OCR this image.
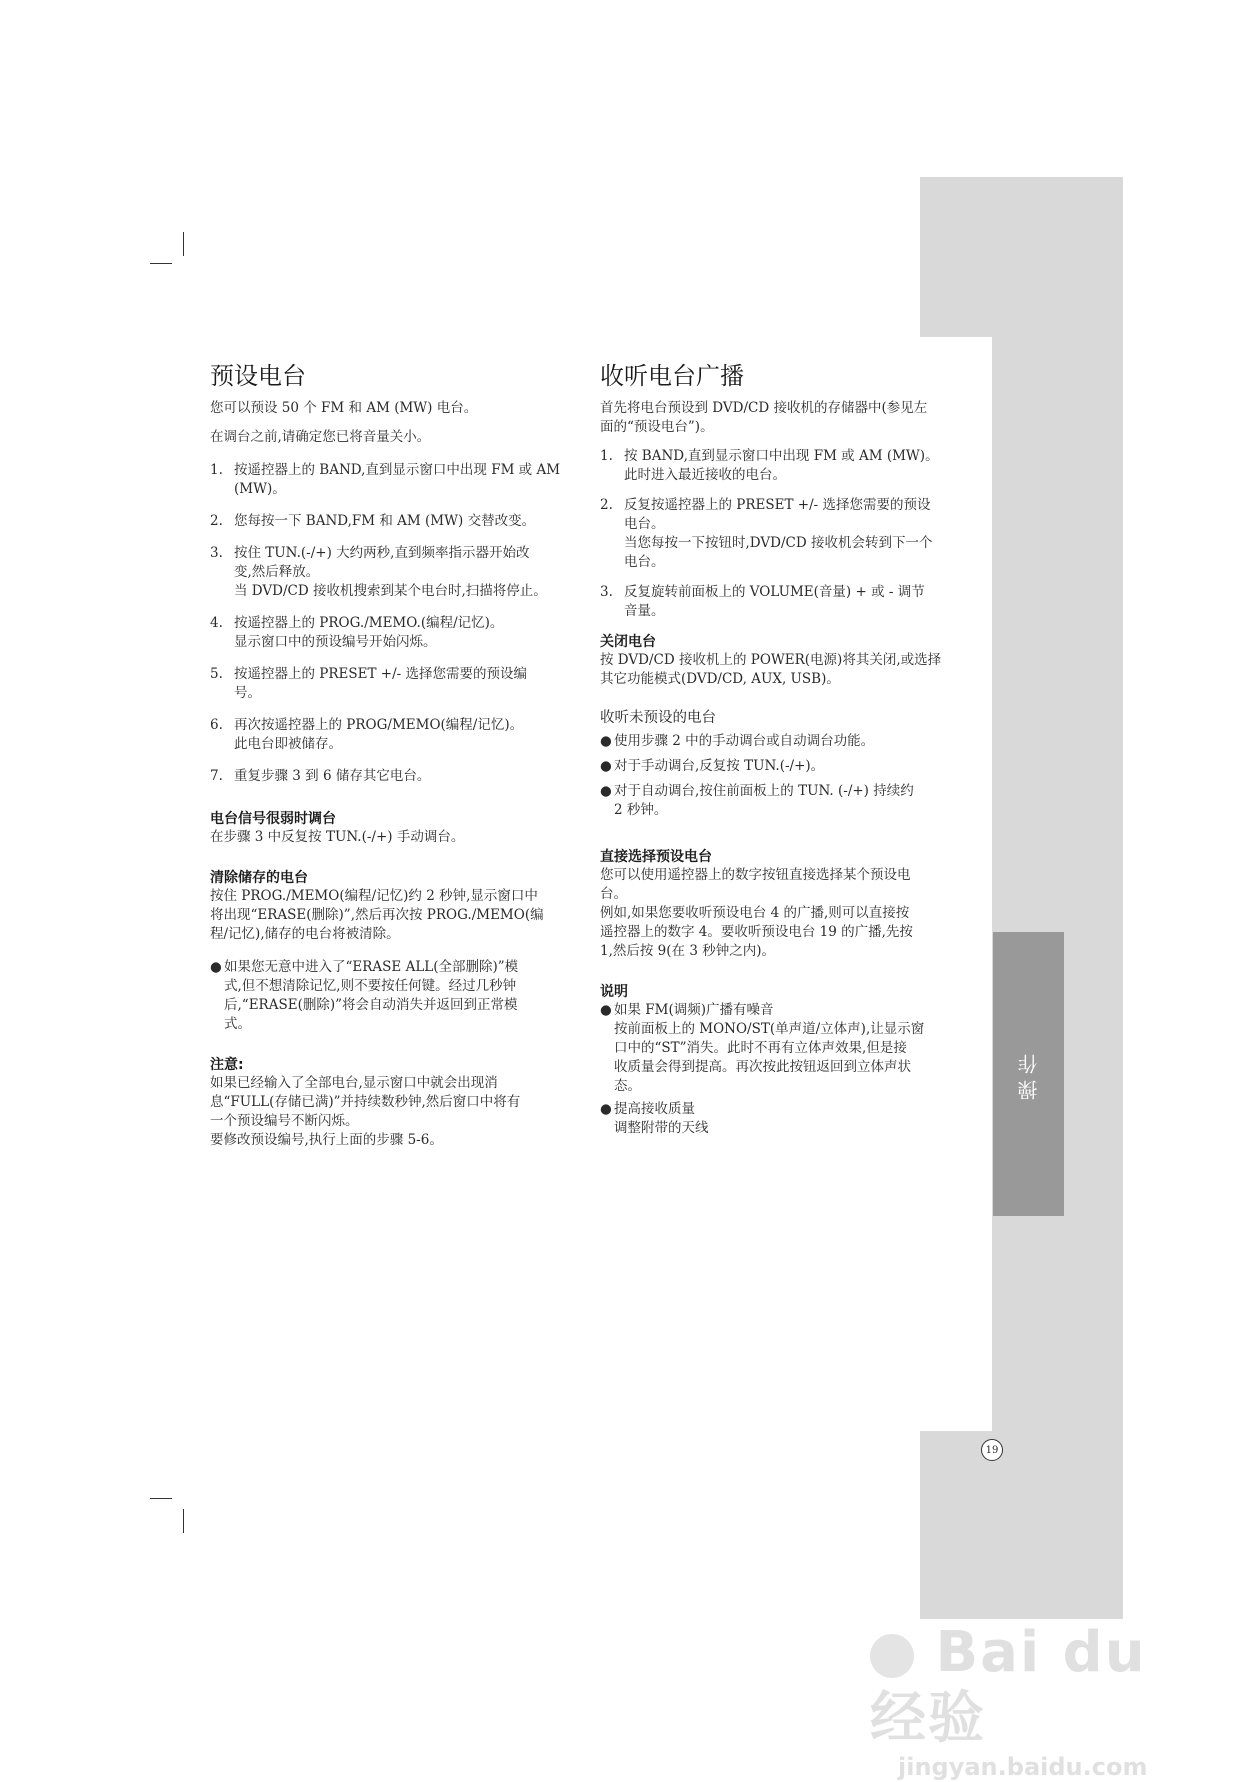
操作
19
预设电台

您可以预设 50 个 FM 和 AM (MW) 电台。

在调台之前,请确定您已将音量关小。

1. 按遥控器上的 BAND,直到显示窗口中出现 FM 或 AM

(MW)。

2. 您每按一下 BAND,FM 和 AM (MW) 交替改变。

3. 按住 TUN.(-/+) 大约两秒,直到频率指示器开始改

变,然后释放。

当 DVD/CD 接收机搜索到某个电台时,扫描将停止。

4. 按遥控器上的 PROG./MEMO.(编程/记忆)。

显示窗口中的预设编号开始闪烁。

5. 按遥控器上的 PRESET +/- 选择您需要的预设编

号。

6. 再次按遥控器上的 PROG/MEMO(编程/记忆)。

此电台即被储存。

7. 重复步骤 3 到 6 储存其它电台。

电台信号很弱时调台

在步骤 3 中反复按 TUN.(-/+) 手动调台。

清除储存的电台

按住 PROG./MEMO(编程/记忆)约 2 秒钟,显示窗口中

将出现“ERASE(删除)”,然后再次按 PROG./MEMO(编

程/记忆),储存的电台将被清除。

● 如果您无意中进入了“ERASE ALL(全部删除)”模

式,但不想清除记忆,则不要按任何键。经过几秒钟

后,“ERASE(删除)”将会自动消失并返回到正常模

式。

注意:

如果已经输入了全部电台,显示窗口中就会出现消

息“FULL(存储已满)”并持续数秒钟,然后窗口中将有

一个预设编号不断闪烁。

要修改预设编号,执行上面的步骤 5-6。

收听电台广播

首先将电台预设到 DVD/CD 接收机的存储器中(参见左

面的“预设电台”)。

1. 按 BAND,直到显示窗口中出现 FM 或 AM (MW)。

此时进入最近接收的电台。

2. 反复按遥控器上的 PRESET +/- 选择您需要的预设

电台。

当您每按一下按钮时,DVD/CD 接收机会转到下一个

电台。

3. 反复旋转前面板上的 VOLUME(音量) + 或 - 调节

音量。

关闭电台

按 DVD/CD 接收机上的 POWER(电源)将其关闭,或选择

其它功能模式(DVD/CD, AUX, USB)。

收听未预设的电台

● 使用步骤 2 中的手动调台或自动调台功能。

● 对于手动调台,反复按 TUN.(-/+)。

● 对于自动调台,按住前面板上的 TUN. (-/+) 持续约

2 秒钟。

直接选择预设电台

您可以使用遥控器上的数字按钮直接选择某个预设电

台。

例如,如果您要收听预设电台 4 的广播,则可以直接按

遥控器上的数字 4。要收听预设电台 19 的广播,先按

1,然后按 9(在 3 秒钟之内)。

说明
● 如果 FM(调频)广播有噪音

按前面板上的 MONO/ST(单声道/立体声),让显示窗

口中的“ST”消失。此时不再有立体声效果,但是接

收质量会得到提高。再次按此按钮返回到立体声状

态。

● 提高接收质量

调整附带的天线

Bai du 经验
jingyan.baidu.com
